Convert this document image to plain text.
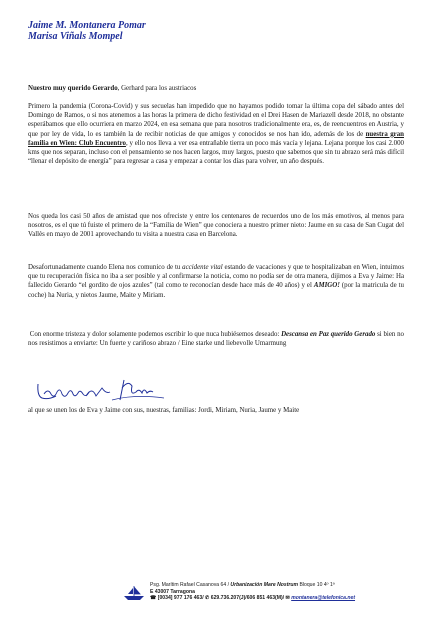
Jaime M. Montanera Pomar
Marisa Viñals Mompel
Nuestro muy querido Gerardo, Gerhard para los austriacos
Primero la pandemia (Corona-Covid) y sus secuelas han impedido que no hayamos podido tomar la última copa del sábado antes del Domingo de Ramos, o si nos atenemos a las horas la primera de dicho festividad en el Drei Hasen de Mariazell desde 2018, no obstante esperábamos que ello ocurriera en marzo 2024, en esa semana que para nosotros tradicionalmente era, es, de reencuentros en Austria, y que por ley de vida, lo es también la de recibir noticias de que amigos y conocidos se nos han ido, además de los de nuestra gran familia en Wien: Club Encuentro, y ello nos lleva a ver esa entrañable tierra un poco más vacía y lejana. Lejana porque los casi 2.000 kms que nos separan, incluso con el pensamiento se nos hacen largos, muy largos, puesto que sabemos que sin tu abrazo será más difícil “llenar el depósito de energía” para regresar a casa y empezar a contar los días para volver, un año después.
Nos queda los casi 50 años de amistad que nos ofreciste y entre los centenares de recuerdos uno de los más emotivos, al menos para nosotros, es el que tú fuiste el primero de la “Familia de Wien” que conociera a nuestro primer nieto: Jaume en su casa de San Cugat del Vallès en mayo de 2001 aprovechando tu visita a nuestra casa en Barcelona.
Desafortunadamente cuando Elena nos comunico de tu accidente vital estando de vacaciones y que te hospitalizaban en Wien, intuimos que tu recuperación física no iba a ser posible y al confirmarse la noticia, como no podía ser de otra manera, dijimos a Eva y Jaime: Ha fallecido Gerardo “el gordito de ojos azules” (tal como te reconocían desde hace más de 40 años) y el AMIGO! (por la matricula de tu coche) ha Nuria, y nietos Jaume, Maite y Miriam.
Con enorme tristeza y dolor solamente podemos escribir lo que nuca hubiésemos deseado: Descansa en Paz querido Gerado si bien no nos resistimos a enviarte: Un fuerte y cariñoso abrazo / Eine starke und liebevolle Umarmung
al que se unen los de Eva y Jaime con sus, nuestras, familias: Jordi, Miriam, Nuria, Jaume y Maite
Psg. Marítim Rafael Casanova 64 / Urbanización Mare Nostrum Bloque 10 4º 1ª
E 43007 Tarragona
☎ [0034] 977 176 463/ ✆ 629.736.207(J)/606 851 463(M)/ ✉ montanera@telefonica.net
